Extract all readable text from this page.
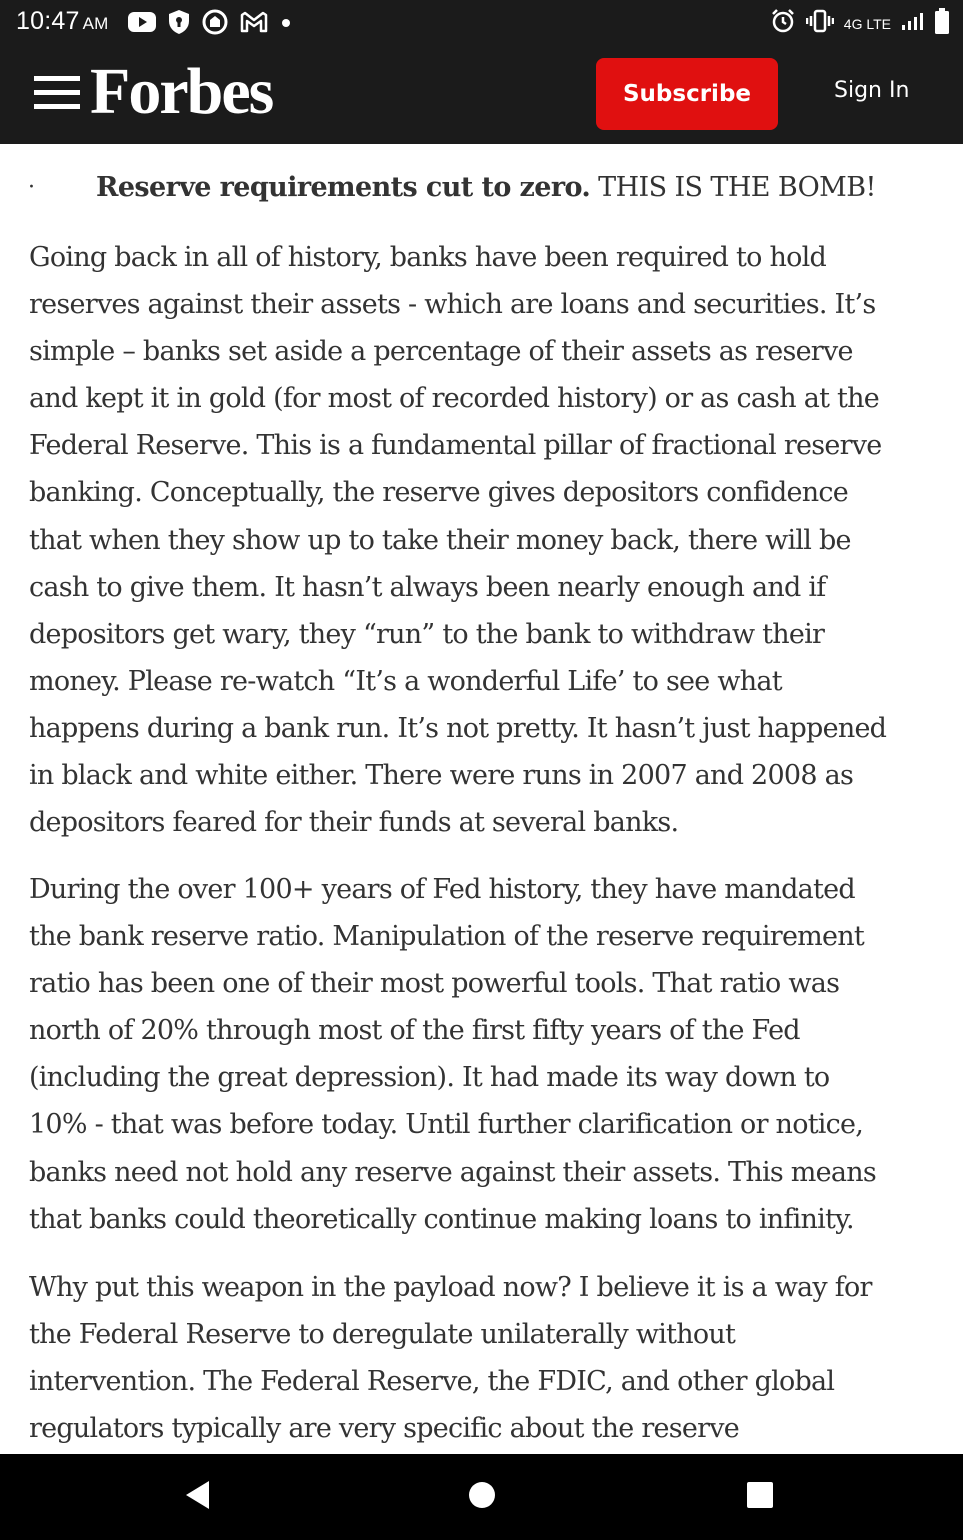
10:47 AM	4G LTE
Forbes	Subscribe	Sign In
· Reserve requirements cut to zero. THIS IS THE BOMB!
Going back in all of history, banks have been required to hold
reserves against their assets - which are loans and securities. It’s
simple – banks set aside a percentage of their assets as reserve
and kept it in gold (for most of recorded history) or as cash at the
Federal Reserve. This is a fundamental pillar of fractional reserve
banking. Conceptually, the reserve gives depositors confidence
that when they show up to take their money back, there will be
cash to give them. It hasn’t always been nearly enough and if
depositors get wary, they “run” to the bank to withdraw their
money. Please re-watch “It’s a wonderful Life’ to see what
happens during a bank run. It’s not pretty. It hasn’t just happened
in black and white either. There were runs in 2007 and 2008 as
depositors feared for their funds at several banks.
During the over 100+ years of Fed history, they have mandated
the bank reserve ratio. Manipulation of the reserve requirement
ratio has been one of their most powerful tools. That ratio was
north of 20% through most of the first fifty years of the Fed
(including the great depression). It had made its way down to
10% - that was before today. Until further clarification or notice,
banks need not hold any reserve against their assets. This means
that banks could theoretically continue making loans to infinity.
Why put this weapon in the payload now? I believe it is a way for
the Federal Reserve to deregulate unilaterally without
intervention. The Federal Reserve, the FDIC, and other global
regulators typically are very specific about the reserve
